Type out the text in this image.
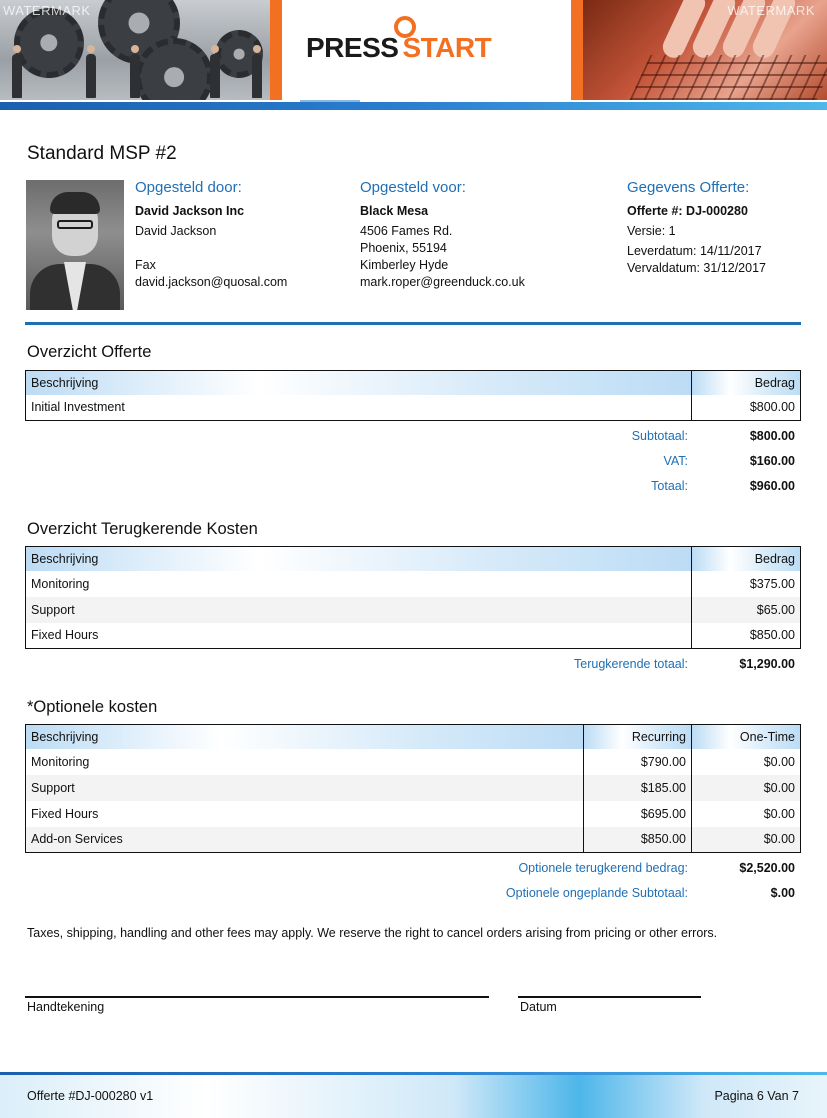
WATERMARK
PRESS START
WATERMARK
Standard MSP #2
Opgesteld door:
David Jackson Inc
David Jackson
Fax
david.jackson@quosal.com
Opgesteld voor:
Black Mesa
4506 Fames Rd.
Phoenix, 55194
Kimberley Hyde
mark.roper@greenduck.co.uk
Gegevens Offerte:
Offerte #: DJ-000280
Versie: 1
Leverdatum: 14/11/2017
Vervaldatum: 31/12/2017
Overzicht Offerte
Beschrijving	Bedrag
Initial Investment	$800.00
Subtotaal:	$800.00
VAT:	$160.00
Totaal:	$960.00
Overzicht Terugkerende Kosten
Beschrijving	Bedrag
Monitoring	$375.00
Support	$65.00
Fixed Hours	$850.00
Terugkerende totaal:	$1,290.00
*Optionele kosten
Beschrijving	Recurring	One-Time
Monitoring	$790.00	$0.00
Support	$185.00	$0.00
Fixed Hours	$695.00	$0.00
Add-on Services	$850.00	$0.00
Optionele terugkerend bedrag:	$2,520.00
Optionele ongeplande Subtotaal:	$.00
Taxes, shipping, handling and other fees may apply. We reserve the right to cancel orders arising from pricing or other errors.
Handtekening	Datum
Offerte #DJ-000280 v1	Pagina 6 Van 7
